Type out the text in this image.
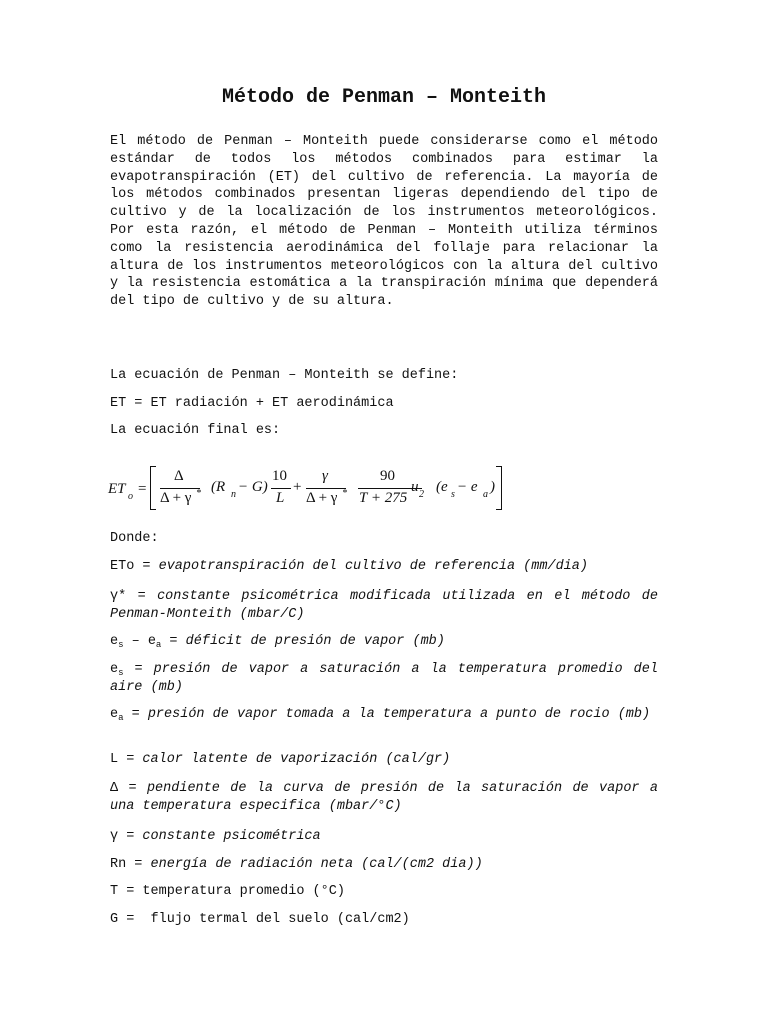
Método de Penman – Monteith

El método de Penman – Monteith puede considerarse como el método estándar de todos los métodos combinados para estimar la evapotranspiración (ET) del cultivo de referencia. La mayoría de los métodos combinados presentan ligeras dependiendo del tipo de cultivo y de la localización de los instrumentos meteorológicos. Por esta razón, el método de Penman – Monteith utiliza términos como la resistencia aerodinámica del follaje para relacionar la altura de los instrumentos meteorológicos con la altura del cultivo y la resistencia estomática a la transpiración mínima que dependerá del tipo de cultivo y de su altura.

La ecuación de Penman – Monteith se define:

ET = ET radiación + ET aerodinámica

La ecuación final es:

ET o =
Δ
Δ + γ * (R n − G)
10
L
+
γ
Δ + γ *
90
T + 275
u 2 (e s − e a )

Donde:

ETo = evapotranspiración del cultivo de referencia (mm/dia)

γ* = constante psicométrica modificada utilizada en el método de Penman-Monteith (mbar/C)

$e_s - e_a$ = déficit de presión de vapor (mb)

$e_s$ = presión de vapor a saturación a la temperatura promedio del aire (mb)

$e_a$ = presión de vapor tomada a la temperatura a punto de rocio (mb)

L = calor latente de vaporización (cal/gr)

Δ = pendiente de la curva de presión de la saturación de vapor a una temperatura especifica (mbar/°C)

γ = constante psicométrica

Rn = energía de radiación neta (cal/(cm2 dia))

T = temperatura promedio (°C)

G =  flujo termal del suelo (cal/cm2)
